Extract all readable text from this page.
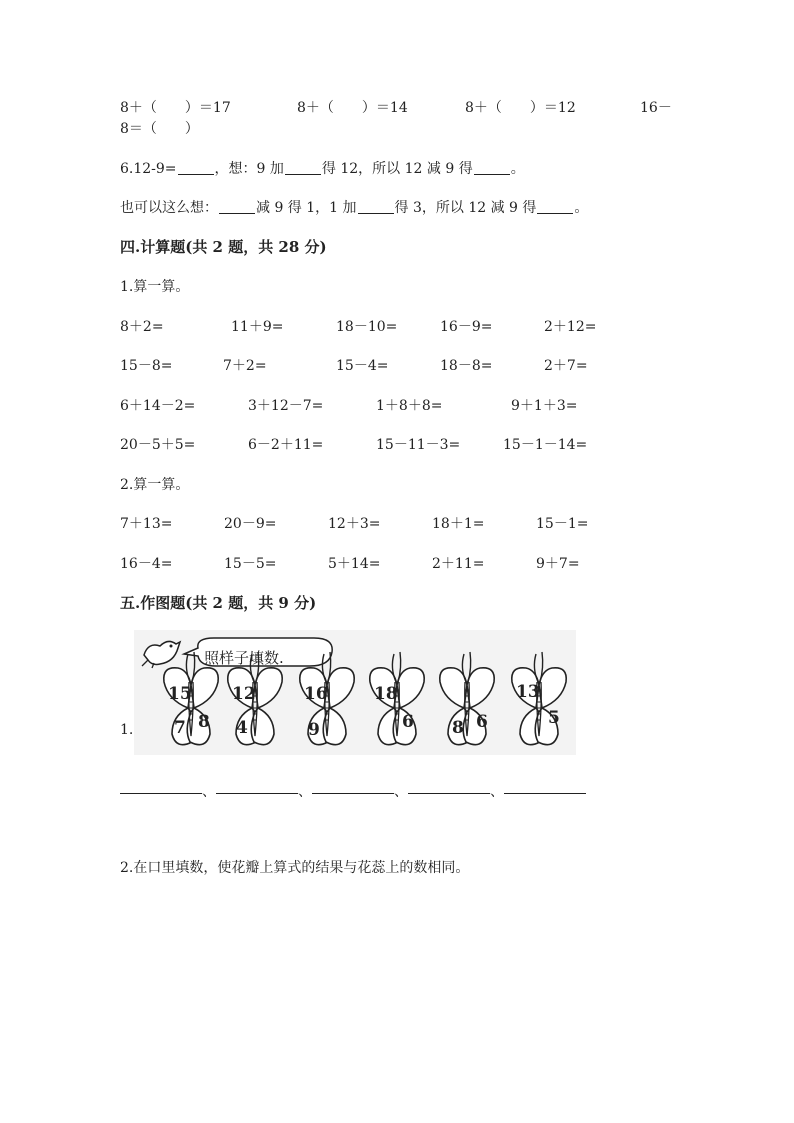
8＋（　　）＝17	8＋（　　）＝14	8＋（　　）＝12	16－
8＝（　　）
6.12-9=	，想：9 加	得 12，所以 12 减 9 得	。
也可以这么想：	减 9 得 1，1 加	得 3，所以 12 减 9 得	。
四.计算题(共 2 题，共 28 分)
1.算一算。
8＋2=	11＋9=	18－10=	16－9=	2＋12=
15－8=	7＋2=	15－4=	18－8=	2＋7=
6＋14－2=	3＋12－7=	1＋8＋8=	9＋1＋3=
20－5＋5=	6－2＋11=	15－11－3=	15－1－14=
2.算一算。
7＋13=	20－9=	12＋3=	18＋1=	15－1=
16－4=	15－5=	5＋14=	2＋11=	9＋7=
五.作图题(共 2 题，共 9 分)
1.
照样子填数.
15
7 8
12
4
16
9
18
6 8 6
13
5
、	、	、	、
2.在口里填数，使花瓣上算式的结果与花蕊上的数相同。
